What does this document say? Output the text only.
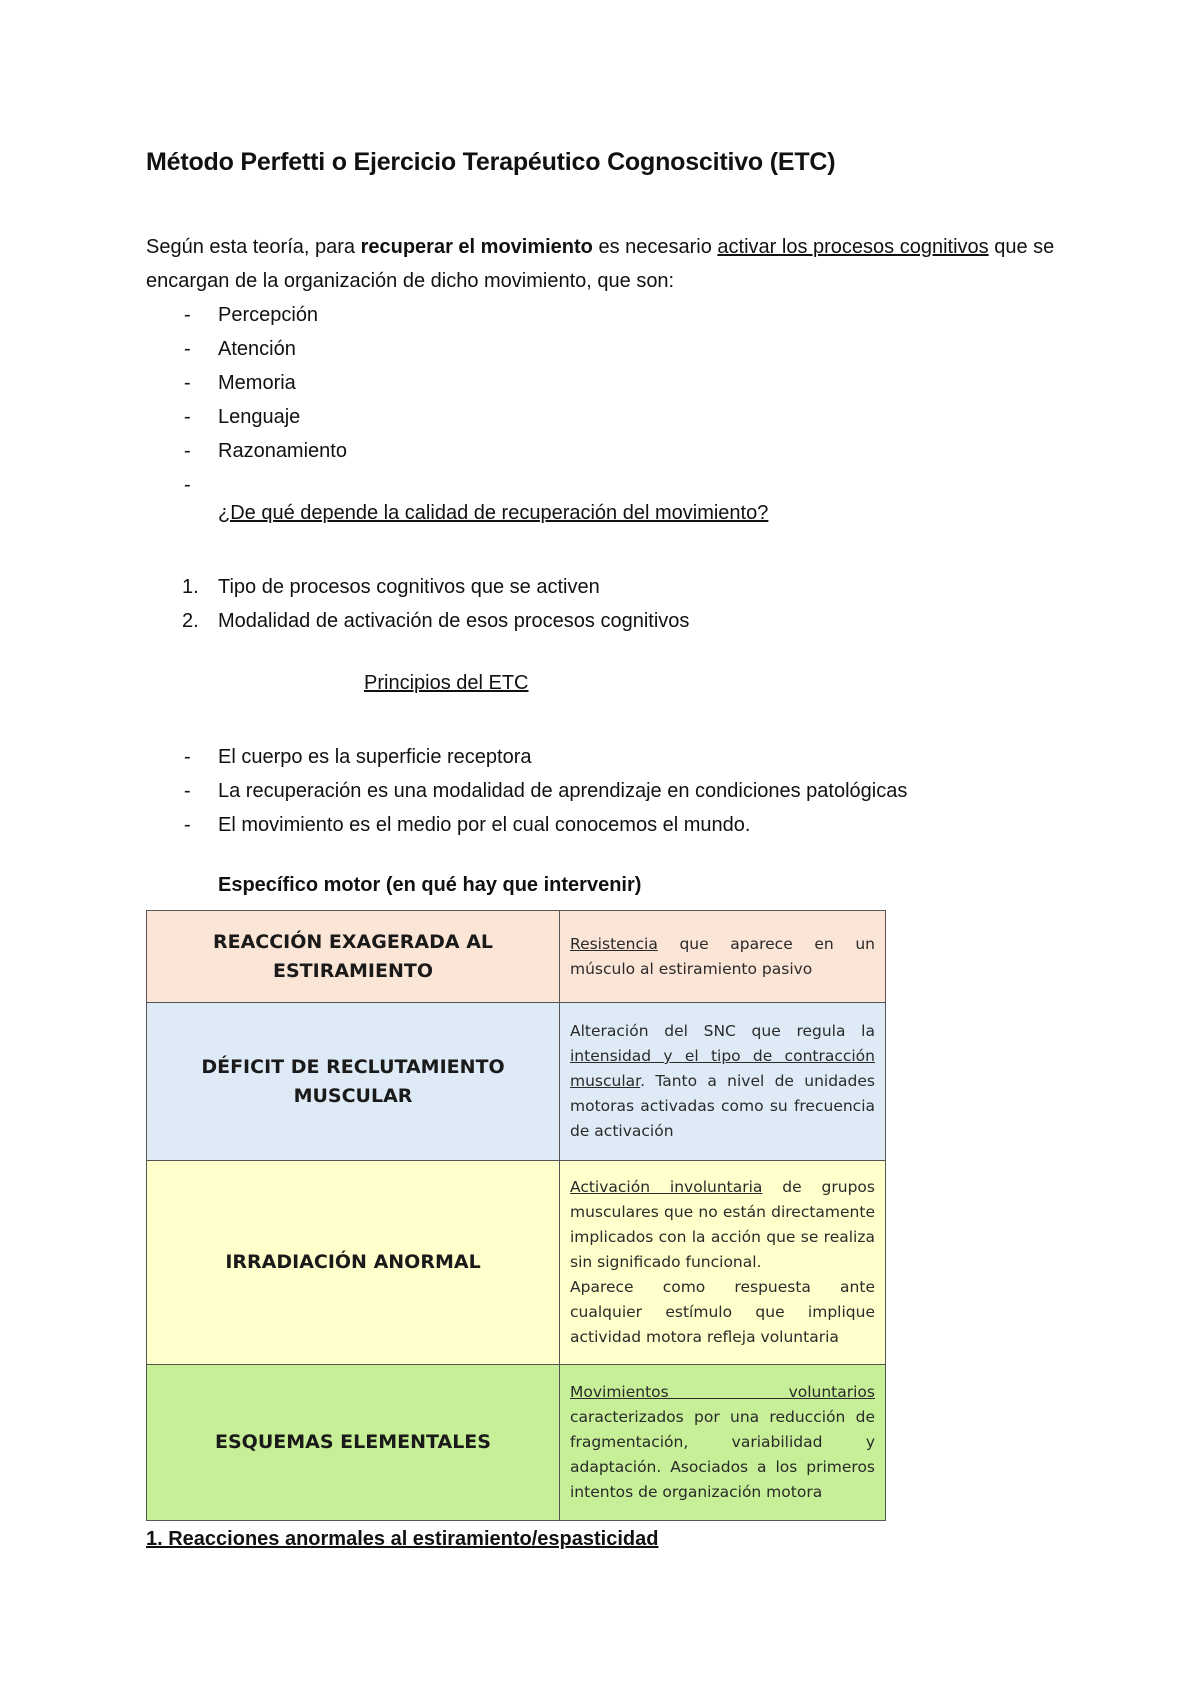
Método Perfetti o Ejercicio Terapéutico Cognoscitivo (ETC)
Según esta teoría, para recuperar el movimiento es necesario activar los procesos cognitivos que se encargan de la organización de dicho movimiento, que son:
- Percepción
- Atención
- Memoria
- Lenguaje
- Razonamiento
-
¿De qué depende la calidad de recuperación del movimiento?
1. Tipo de procesos cognitivos que se activen
2. Modalidad de activación de esos procesos cognitivos
Principios del ETC
- El cuerpo es la superficie receptora
- La recuperación es una modalidad de aprendizaje en condiciones patológicas
- El movimiento es el medio por el cual conocemos el mundo.
Específico motor (en qué hay que intervenir)
REACCIÓN EXAGERADA AL ESTIRAMIENTO	Resistencia que aparece en un músculo al estiramiento pasivo
DÉFICIT DE RECLUTAMIENTO MUSCULAR	Alteración del SNC que regula la intensidad y el tipo de contracción muscular. Tanto a nivel de unidades motoras activadas como su frecuencia de activación
IRRADIACIÓN ANORMAL	Activación involuntaria de grupos musculares que no están directamente implicados con la acción que se realiza sin significado funcional.
Aparece como respuesta ante cualquier estímulo que implique actividad motora refleja voluntaria
ESQUEMAS ELEMENTALES	Movimientos voluntarios caracterizados por una reducción de fragmentación, variabilidad y adaptación. Asociados a los primeros intentos de organización motora
1. Reacciones anormales al estiramiento/espasticidad
